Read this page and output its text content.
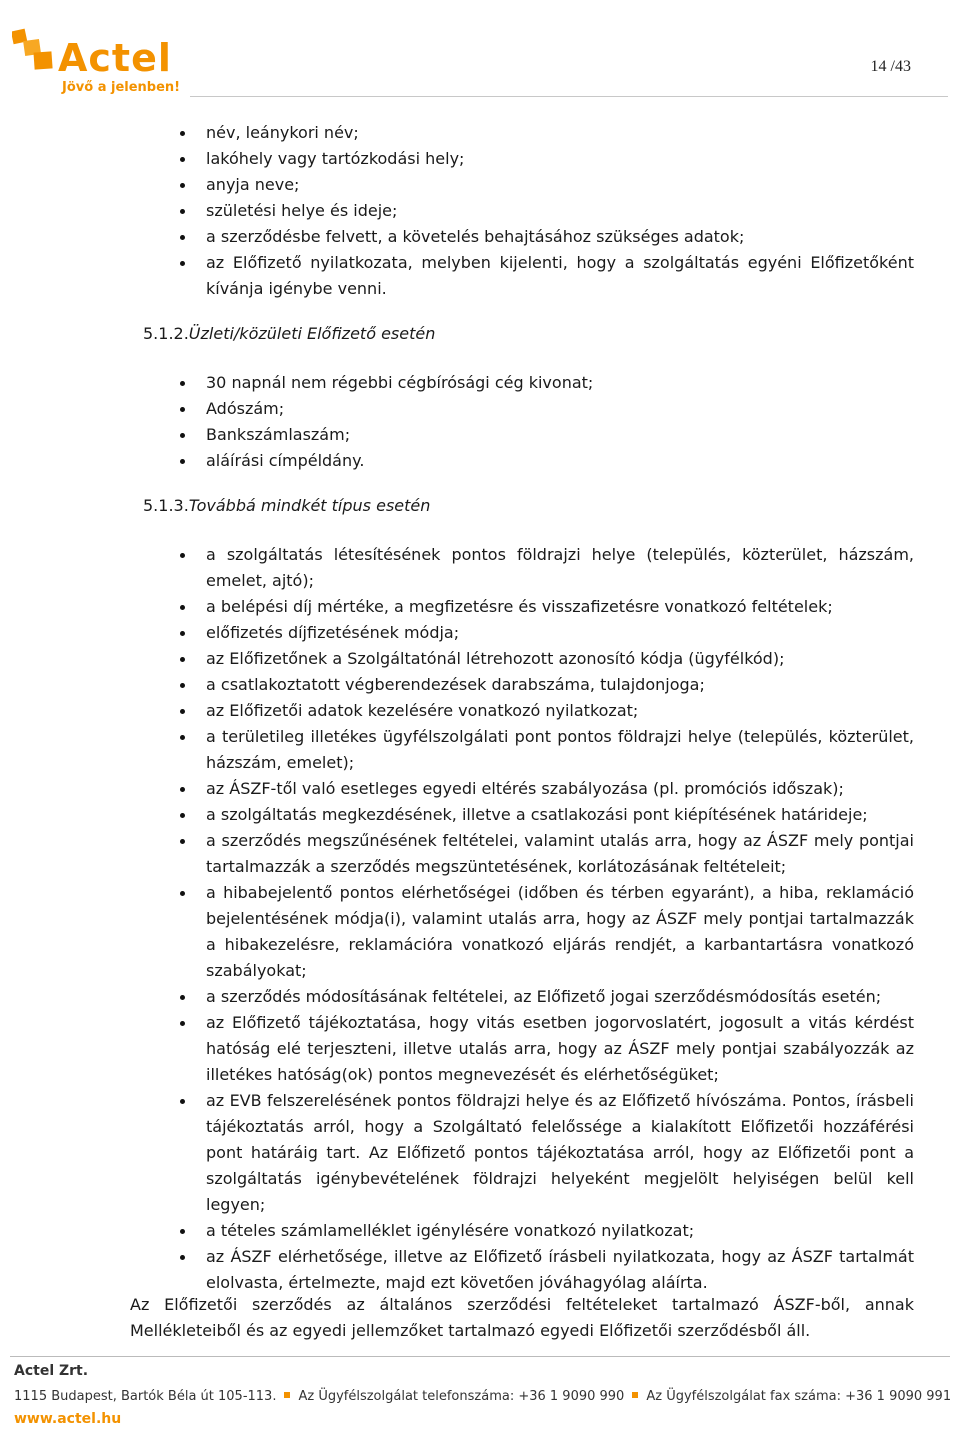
Actel
Jövő a jelenben!
14 /43
név, leánykori név;
lakóhely vagy tartózkodási hely;
anyja neve;
születési helye és ideje;
a szerződésbe felvett, a követelés behajtásához szükséges adatok;
az Előfizető nyilatkozata, melyben kijelenti, hogy a szolgáltatás egyéni Előfizetőként kívánja igénybe venni.
5.1.2.Üzleti/közületi Előfizető esetén
30 napnál nem régebbi cégbírósági cég kivonat;
Adószám;
Bankszámlaszám;
aláírási címpéldány.
5.1.3.Továbbá mindkét típus esetén
a szolgáltatás létesítésének pontos földrajzi helye (település, közterület, házszám, emelet, ajtó);
a belépési díj mértéke, a megfizetésre és visszafizetésre vonatkozó feltételek;
előfizetés díjfizetésének módja;
az Előfizetőnek a Szolgáltatónál létrehozott azonosító kódja (ügyfélkód);
a csatlakoztatott végberendezések darabszáma, tulajdonjoga;
az Előfizetői adatok kezelésére vonatkozó nyilatkozat;
a területileg illetékes ügyfélszolgálati pont pontos földrajzi helye (település, közterület, házszám, emelet);
az ÁSZF-től való esetleges egyedi eltérés szabályozása (pl. promóciós időszak);
a szolgáltatás megkezdésének, illetve a csatlakozási pont kiépítésének határideje;
a szerződés megszűnésének feltételei, valamint utalás arra, hogy az ÁSZF mely pontjai tartalmazzák a szerződés megszüntetésének, korlátozásának feltételeit;
a hibabejelentő pontos elérhetőségei (időben és térben egyaránt), a hiba, reklamáció bejelentésének módja(i), valamint utalás arra, hogy az ÁSZF mely pontjai tartalmazzák a hibakezelésre, reklamációra vonatkozó eljárás rendjét, a karbantartásra vonatkozó szabályokat;
a szerződés módosításának feltételei, az Előfizető jogai szerződésmódosítás esetén;
az Előfizető tájékoztatása, hogy vitás esetben jogorvoslatért, jogosult a vitás kérdést hatóság elé terjeszteni, illetve utalás arra, hogy az ÁSZF mely pontjai szabályozzák az illetékes hatóság(ok) pontos megnevezését és elérhetőségüket;
az EVB felszerelésének pontos földrajzi helye és az Előfizető hívószáma. Pontos, írásbeli tájékoztatás arról, hogy a Szolgáltató felelőssége a kialakított Előfizetői hozzáférési pont határáig tart. Az Előfizető pontos tájékoztatása arról, hogy az Előfizetői pont a szolgáltatás igénybevételének földrajzi helyeként megjelölt helyiségen belül kell legyen;
a tételes számlamelléklet igénylésére vonatkozó nyilatkozat;
az ÁSZF elérhetősége, illetve az Előfizető írásbeli nyilatkozata, hogy az ÁSZF tartalmát elolvasta, értelmezte, majd ezt követően jóváhagyólag aláírta.

Az Előfizetői szerződés az általános szerződési feltételeket tartalmazó ÁSZF-ből, annak Mellékleteiből és az egyedi jellemzőket tartalmazó egyedi Előfizetői szerződésből áll.

Actel Zrt.
1115 Budapest, Bartók Béla út 105-113. Az Ügyfélszolgálat telefonszáma: +36 1 9090 990 Az Ügyfélszolgálat fax száma: +36 1 9090 991
www.actel.hu
